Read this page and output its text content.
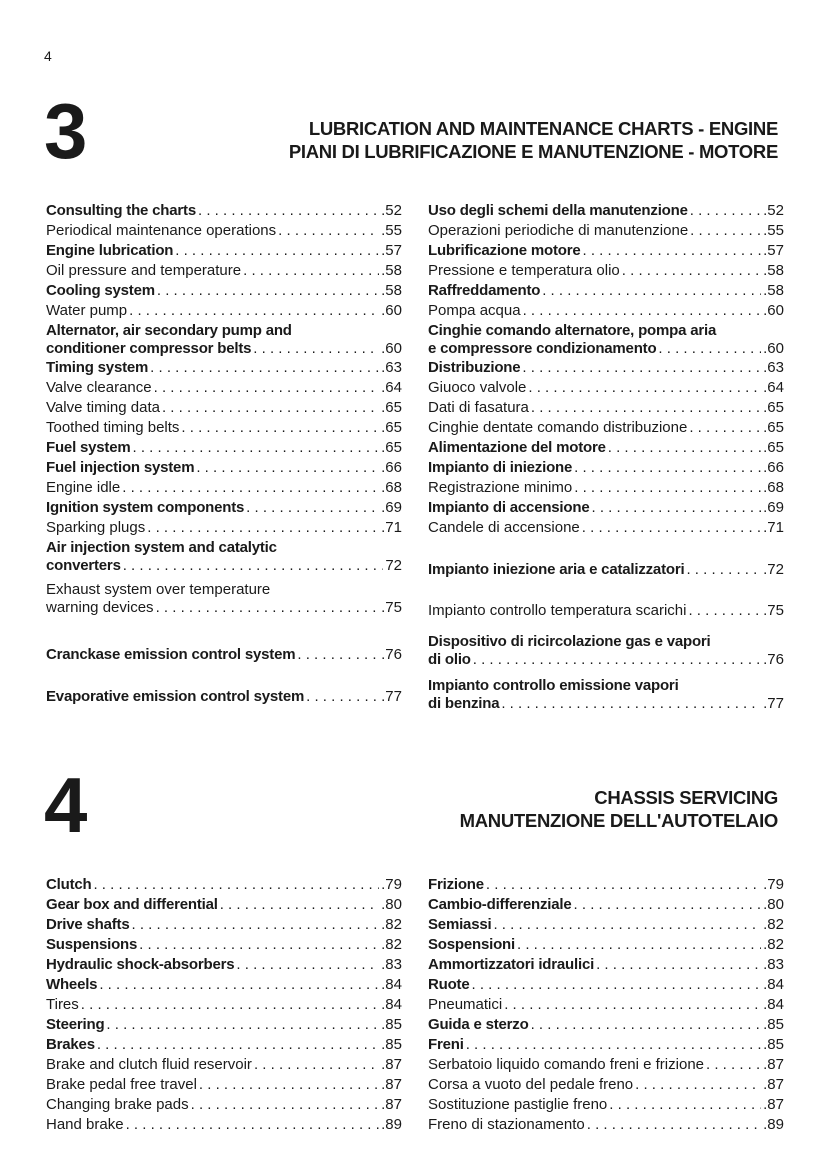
4
3	LUBRICATION AND MAINTENANCE CHARTS - ENGINE
PIANI DI LUBRIFICAZIONE E MANUTENZIONE - MOTORE
Consulting the charts . . .	.52
Periodical maintenance operations . . .	.55
Engine lubrication . . .	.57
Oil pressure and temperature . . .	.58
Cooling system . . .	.58
Water pump . . .	.60
Alternator, air secondary pump and
conditioner compressor belts . . .	.60
Timing system . . .	.63
Valve clearance . . .	.64
Valve timing data . . .	.65
Toothed timing belts . . .	.65
Fuel system . . .	.65
Fuel injection system . . .	.66
Engine idle . . .	.68
Ignition system components . . .	.69
Sparking plugs . . .	.71
Air injection system and catalytic
converters . . .	72
Exhaust system over temperature
warning devices . . .	.75
Cranckase emission control system . . .	.76
Evaporative emission control system . . .	.77
Uso degli schemi della manutenzione . . .	.52
Operazioni periodiche di manutenzione . . .	.55
Lubrificazione motore . . .	.57
Pressione e temperatura olio . . .	.58
Raffreddamento . . .	.58
Pompa acqua . . .	.60
Cinghie comando alternatore, pompa aria
e compressore condizionamento . . .	.60
Distribuzione . . .	.63
Giuoco valvole . . .	.64
Dati di fasatura . . .	.65
Cinghie dentate comando distribuzione . . .	.65
Alimentazione del motore . . .	.65
Impianto di iniezione . . .	.66
Registrazione minimo . . .	.68
Impianto di accensione . . .	.69
Candele di accensione . . .	.71
Impianto iniezione aria e catalizzatori . . .	.72
Impianto controllo temperatura scarichi . . .	.75
Dispositivo di ricircolazione gas e vapori
di olio . . .	.76
Impianto controllo emissione vapori
di benzina . . .	.77
4	CHASSIS SERVICING
MANUTENZIONE DELL'AUTOTELAIO
Clutch . . .	.79
Gear box and differential . . .	.80
Drive shafts . . .	.82
Suspensions . . .	.82
Hydraulic shock-absorbers . . .	.83
Wheels . . .	.84
Tires . . .	.84
Steering . . .	.85
Brakes . . .	.85
Brake and clutch fluid reservoir . . .	.87
Brake pedal free travel . . .	.87
Changing brake pads . . .	.87
Hand brake . . .	.89
Frizione . . .	.79
Cambio-differenziale . . .	.80
Semiassi . . .	.82
Sospensioni . . .	.82
Ammortizzatori idraulici . . .	.83
Ruote . . .	.84
Pneumatici . . .	.84
Guida e sterzo . . .	.85
Freni . . .	.85
Serbatoio liquido comando freni e frizione . . .	.87
Corsa a vuoto del pedale freno . . .	.87
Sostituzione pastiglie freno . . .	.87
Freno di stazionamento . . .	.89
